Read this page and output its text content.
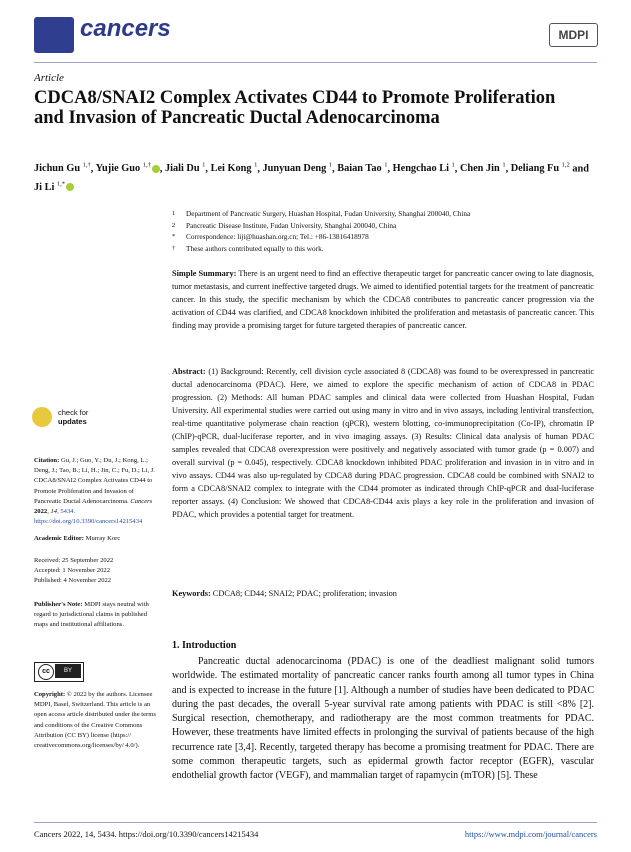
cancers	MDPI
Article
CDCA8/SNAI2 Complex Activates CD44 to Promote Proliferation and Invasion of Pancreatic Ductal Adenocarcinoma
Jichun Gu $^{1,\dagger}$, Yujie Guo $^{1,\dagger}$ , Jiali Du $^1$, Lei Kong $^1$, Junyuan Deng $^1$, Baian Tao $^1$, Hengchao Li $^1$, Chen Jin $^1$, Deliang Fu $^{1,2}$ and Ji Li $^{1,*}$
1 Department of Pancreatic Surgery, Huashan Hospital, Fudan University, Shanghai 200040, China
2 Pancreatic Disease Institute, Fudan University, Shanghai 200040, China
* Correspondence: liji@huashan.org.cn; Tel.: +86-13816418978
† These authors contributed equally to this work.
Simple Summary: There is an urgent need to find an effective therapeutic target for pancreatic cancer owing to late diagnosis, tumor metastasis, and current ineffective targeted drugs. We aimed to identified potential targets for the treatment of pancreatic cancer. In this study, the specific mechanism by which the CDCA8 contributes to pancreatic cancer progression via the activation of CD44 was clarified, and CDCA8 knockdown inhibited the proliferation and metastasis of pancreatic cancer. This finding may provide a promising target for future targeted therapies of pancreatic cancer.
Abstract: (1) Background: Recently, cell division cycle associated 8 (CDCA8) was found to be overexpressed in pancreatic ductal adenocarcinoma (PDAC). Here, we aimed to explore the specific mechanism of action of CDCA8 in PDAC progression. (2) Methods: All human PDAC samples and clinical data were collected from Huashan Hospital, Fudan University. All experimental studies were carried out using many in vitro and in vivo assays, including lentiviral transfection, real-time quantitative polymerase chain reaction (qPCR), western blotting, co-immunoprecipitation (Co-IP), chromatin IP (ChIP)-qPCR, dual-luciferase reporter, and in vivo imaging assays. (3) Results: Clinical data analysis of human PDAC samples revealed that CDCA8 overexpression were positively and negatively associated with tumor grade (p = 0.007) and overall survival (p = 0.045), respectively. CDCA8 knockdown inhibited PDAC proliferation and invasion in in vitro and in vivo assays. CD44 was also up-regulated by CDCA8 during PDAC progression. CDCA8 could be combined with SNAI2 to form a CDCA8/SNAI2 complex to integrate with the CD44 promoter as indicated through ChIP-qPCR and dual-luciferase reporter assays. (4) Conclusion: We showed that CDCA8-CD44 axis plays a key role in the proliferation and invasion of PDAC, which provides a potential target for treatment.
Keywords: CDCA8; CD44; SNAI2; PDAC; proliferation; invasion
1. Introduction

Pancreatic ductal adenocarcinoma (PDAC) is one of the deadliest malignant solid tumors worldwide. The estimated mortality of pancreatic cancer ranks fourth among all tumor types in China and is expected to increase in the future [1]. Although a number of studies have been dedicated to PDAC during the past decades, the overall 5-year survival rate among patients with PDAC is still <8% [2]. Surgical resection, chemotherapy, and radiotherapy are the most common treatments for PDAC. However, these treatments have limited effects in prolonging the survival of patients because of the high recurrence rate [3,4]. Recently, targeted therapy has become a promising treatment for PDAC. There are some common therapeutic targets, such as epidermal growth factor receptor (EGFR), vascular endothelial growth factor (VEGF), and mammalian target of rapamycin (mTOR) [5]. These

check for
updates
Citation: Gu, J.; Guo, Y.; Du, J.; Kong, L.; Deng, J.; Tao, B.; Li, H.; Jin, C.; Fu, D.; Li, J. CDCA8/SNAI2 Complex Activates CD44 to Promote Proliferation and Invasion of Pancreatic Ductal Adenocarcinoma. Cancers 2022, 14, 5434. https://doi.org/10.3390/cancers14215434
Academic Editor: Murray Korc
Received: 25 September 2022
Accepted: 1 November 2022
Published: 4 November 2022
Publisher's Note: MDPI stays neutral with regard to jurisdictional claims in published maps and institutional affiliations.
cc	BY
Copyright: © 2022 by the authors. Licensee MDPI, Basel, Switzerland. This article is an open access article distributed under the terms and conditions of the Creative Commons Attribution (CC BY) license (https:// creativecommons.org/licenses/by/ 4.0/).
Cancers 2022, 14, 5434. https://doi.org/10.3390/cancers14215434	https://www.mdpi.com/journal/cancers
